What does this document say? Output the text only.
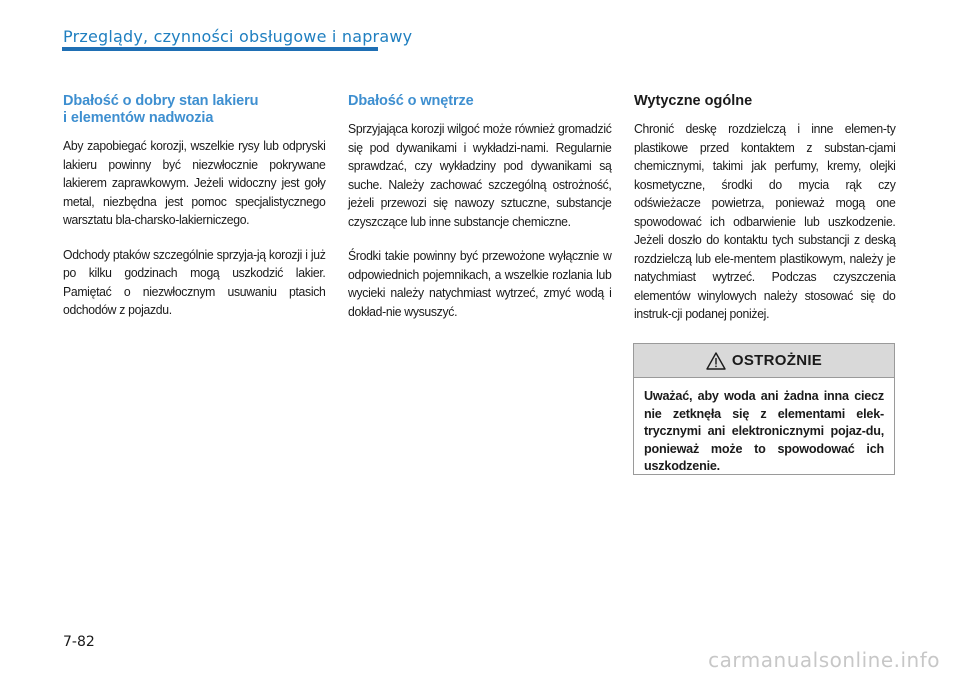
Przeglądy, czynności obsługowe i naprawy
Dbałość o dobry stan lakieru
i elementów nadwozia

Aby zapobiegać korozji, wszelkie rysy lub odpryski lakieru powinny być niezwłocznie pokrywane lakierem zaprawkowym. Jeżeli widoczny jest goły metal, niezbędna jest pomoc specjalistycznego warsztatu bla-charsko-lakierniczego.

Odchody ptaków szczególnie sprzyja-ją korozji i już po kilku godzinach mogą uszkodzić lakier. Pamiętać o niezwłocznym usuwaniu ptasich odchodów z pojazdu.

Dbałość o wnętrze

Sprzyjająca korozji wilgoć może również gromadzić się pod dywanikami i wykładzi-nami. Regularnie sprawdzać, czy wykładziny pod dywanikami są suche. Należy zachować szczególną ostrożność, jeżeli przewozi się nawozy sztuczne, substancje czyszczące lub inne substancje chemiczne.

Środki takie powinny być przewożone wyłącznie w odpowiednich pojemnikach, a wszelkie rozlania lub wycieki należy natychmiast wytrzeć, zmyć wodą i dokład-nie wysuszyć.

Wytyczne ogólne

Chronić deskę rozdzielczą i inne elemen-ty plastikowe przed kontaktem z substan-cjami chemicznymi, takimi jak perfumy, kremy, olejki kosmetyczne, środki do mycia rąk czy odświeżacze powietrza, ponieważ mogą one spowodować ich odbarwienie lub uszkodzenie. Jeżeli doszło do kontaktu tych substancji z deską rozdzielczą lub ele-mentem plastikowym, należy je natychmiast wytrzeć. Podczas czyszczenia elementów winylowych należy stosować się do instruk-cji podanej poniżej.

OSTROŻNIE
Uważać, aby woda ani żadna inna ciecz nie zetknęła się z elementami elek-trycznymi ani elektronicznymi pojaz-du, ponieważ może to spowodować ich uszkodzenie.
7-82
carmanualsonline.info
